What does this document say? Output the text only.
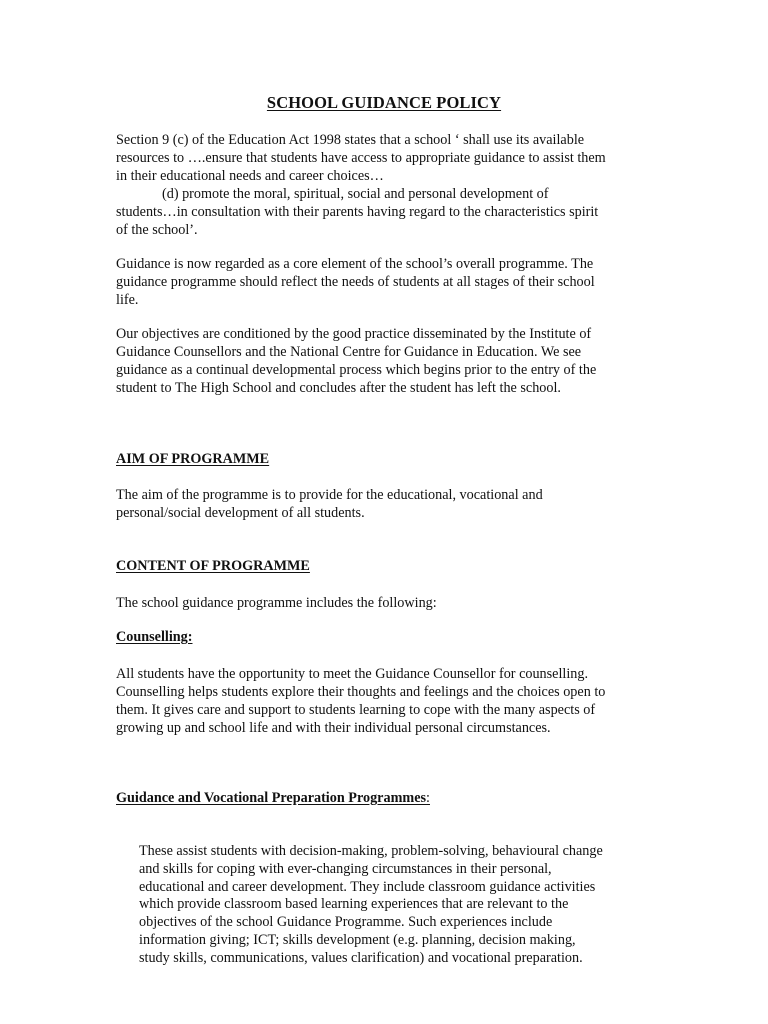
SCHOOL GUIDANCE POLICY
Section 9 (c) of the Education Act 1998 states that a school ‘ shall use its available
resources to ….ensure that students have access to appropriate guidance to assist them
in their educational needs and career choices…
(d) promote the moral, spiritual, social and personal development of
students…in consultation with their parents having regard to the characteristics spirit
of the school’.
Guidance is now regarded as a core element of the school’s overall programme. The
guidance programme should reflect the needs of students at all stages of their school
life.
Our objectives are conditioned by the good practice disseminated by the Institute of
Guidance Counsellors and the National Centre for Guidance in Education. We see
guidance as a continual developmental process which begins prior to the entry of the
student to The High School and concludes after the student has left the school.
AIM OF PROGRAMME
The aim of the programme is to provide for the educational, vocational and
personal/social development of all students.
CONTENT OF PROGRAMME
The school guidance programme includes the following:
Counselling:
All students have the opportunity to meet the Guidance Counsellor for counselling.
Counselling helps students explore their thoughts and feelings and the choices open to
them. It gives care and support to students learning to cope with the many aspects of
growing up and school life and with their individual personal circumstances.
Guidance and Vocational Preparation Programmes:
These assist students with decision-making, problem-solving, behavioural change
and skills for coping with ever-changing circumstances in their personal,
educational and career development. They include classroom guidance activities
which provide classroom based learning experiences that are relevant to the
objectives of the school Guidance Programme. Such experiences include
information giving; ICT; skills development (e.g. planning, decision making,
study skills, communications, values clarification) and vocational preparation.
